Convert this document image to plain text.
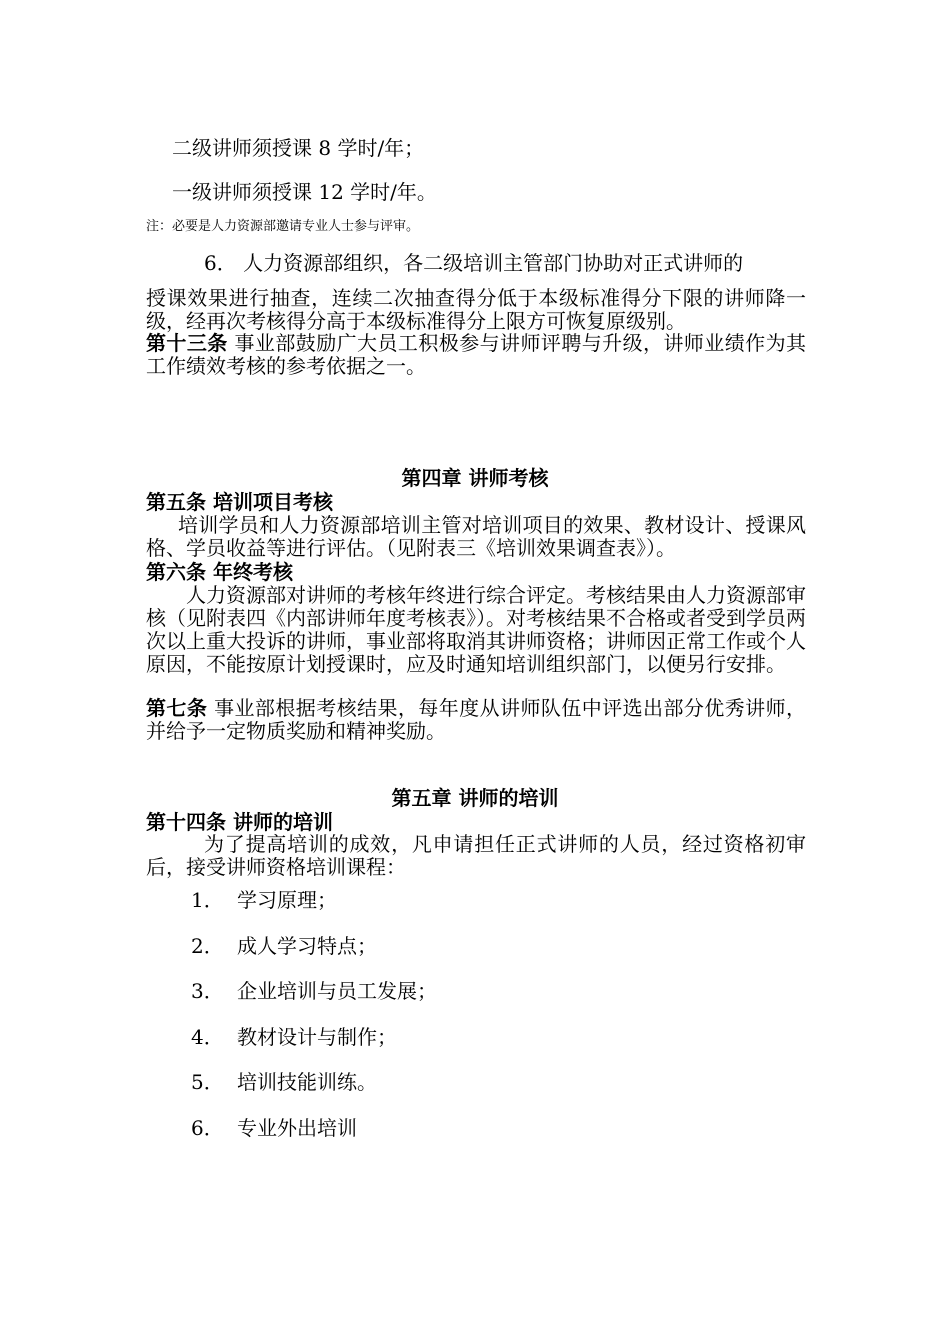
二级讲师须授课 8 学时/年；
一级讲师须授课 12 学时/年。
注：必要是人力资源部邀请专业人士参与评审。
6． 人力资源部组织，各二级培训主管部门协助对正式讲师的
授课效果进行抽查，连续二次抽查得分低于本级标准得分下限的讲师降一级，经再次考核得分高于本级标准得分上限方可恢复原级别。
第十三条 事业部鼓励广大员工积极参与讲师评聘与升级，讲师业绩作为其工作绩效考核的参考依据之一。
第四章 讲师考核
第五条 培训项目考核
培训学员和人力资源部培训主管对培训项目的效果、教材设计、授课风格、学员收益等进行评估。（见附表三《培训效果调查表》）。
第六条 年终考核
人力资源部对讲师的考核年终进行综合评定。考核结果由人力资源部审核（见附表四《内部讲师年度考核表》）。对考核结果不合格或者受到学员两次以上重大投诉的讲师，事业部将取消其讲师资格；讲师因正常工作或个人原因，不能按原计划授课时，应及时通知培训组织部门，以便另行安排。
第七条 事业部根据考核结果，每年度从讲师队伍中评选出部分优秀讲师，并给予一定物质奖励和精神奖励。
第五章 讲师的培训
第十四条 讲师的培训
为了提高培训的成效，凡申请担任正式讲师的人员，经过资格初审后，接受讲师资格培训课程：
1． 学习原理；
2． 成人学习特点；
3． 企业培训与员工发展；
4． 教材设计与制作；
5． 培训技能训练。
6． 专业外出培训
